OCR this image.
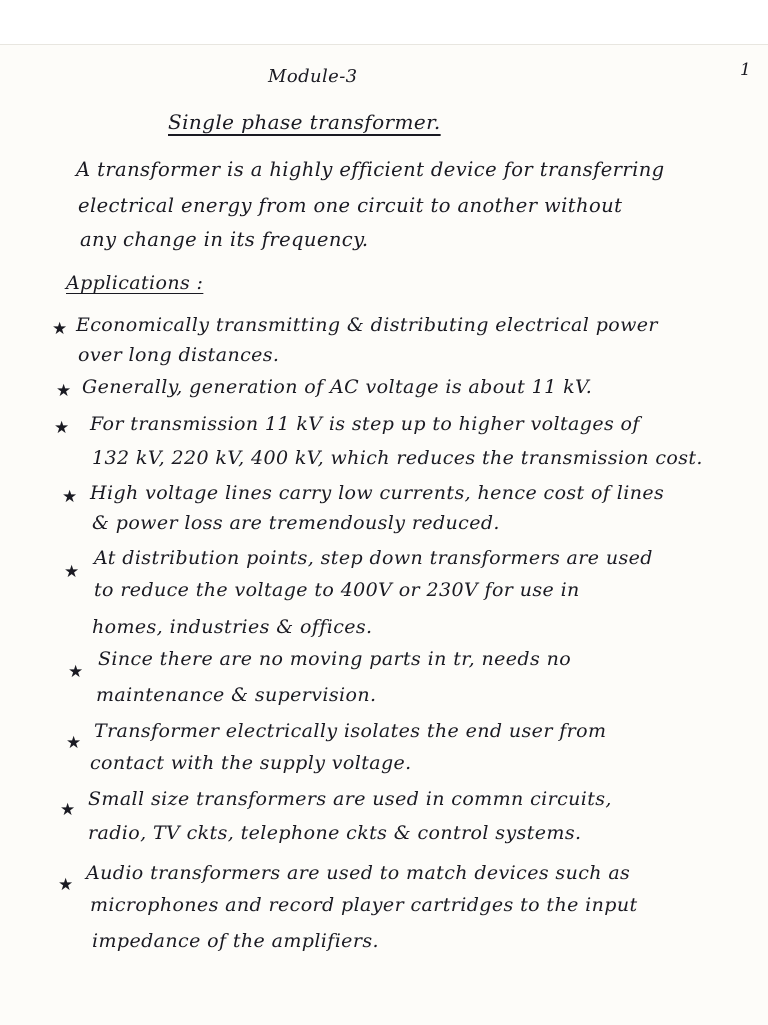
1
Module-3
Single phase transformer.
A transformer is a highly efficient device for transferring
electrical energy from one circuit to another without
any change in its frequency.
Applications :
★ Economically transmitting & distributing electrical power
over long distances.
★ Generally, generation of AC voltage is about 11 kV.
★ For transmission 11 kV is step up to higher voltages of
132 kV, 220 kV, 400 kV, which reduces the transmission cost.
★ High voltage lines carry low currents, hence cost of lines
& power loss are tremendously reduced.
★
At distribution points, step down transformers are used
to reduce the voltage to 400V or 230V for use in
homes, industries & offices.
★
Since there are no moving parts in tr, needs no
maintenance & supervision.
★
Transformer electrically isolates the end user from
contact with the supply voltage.
★ Small size transformers are used in commn circuits,
radio, TV ckts, telephone ckts & control systems.
★
Audio transformers are used to match devices such as
microphones and record player cartridges to the input
impedance of the amplifiers.
